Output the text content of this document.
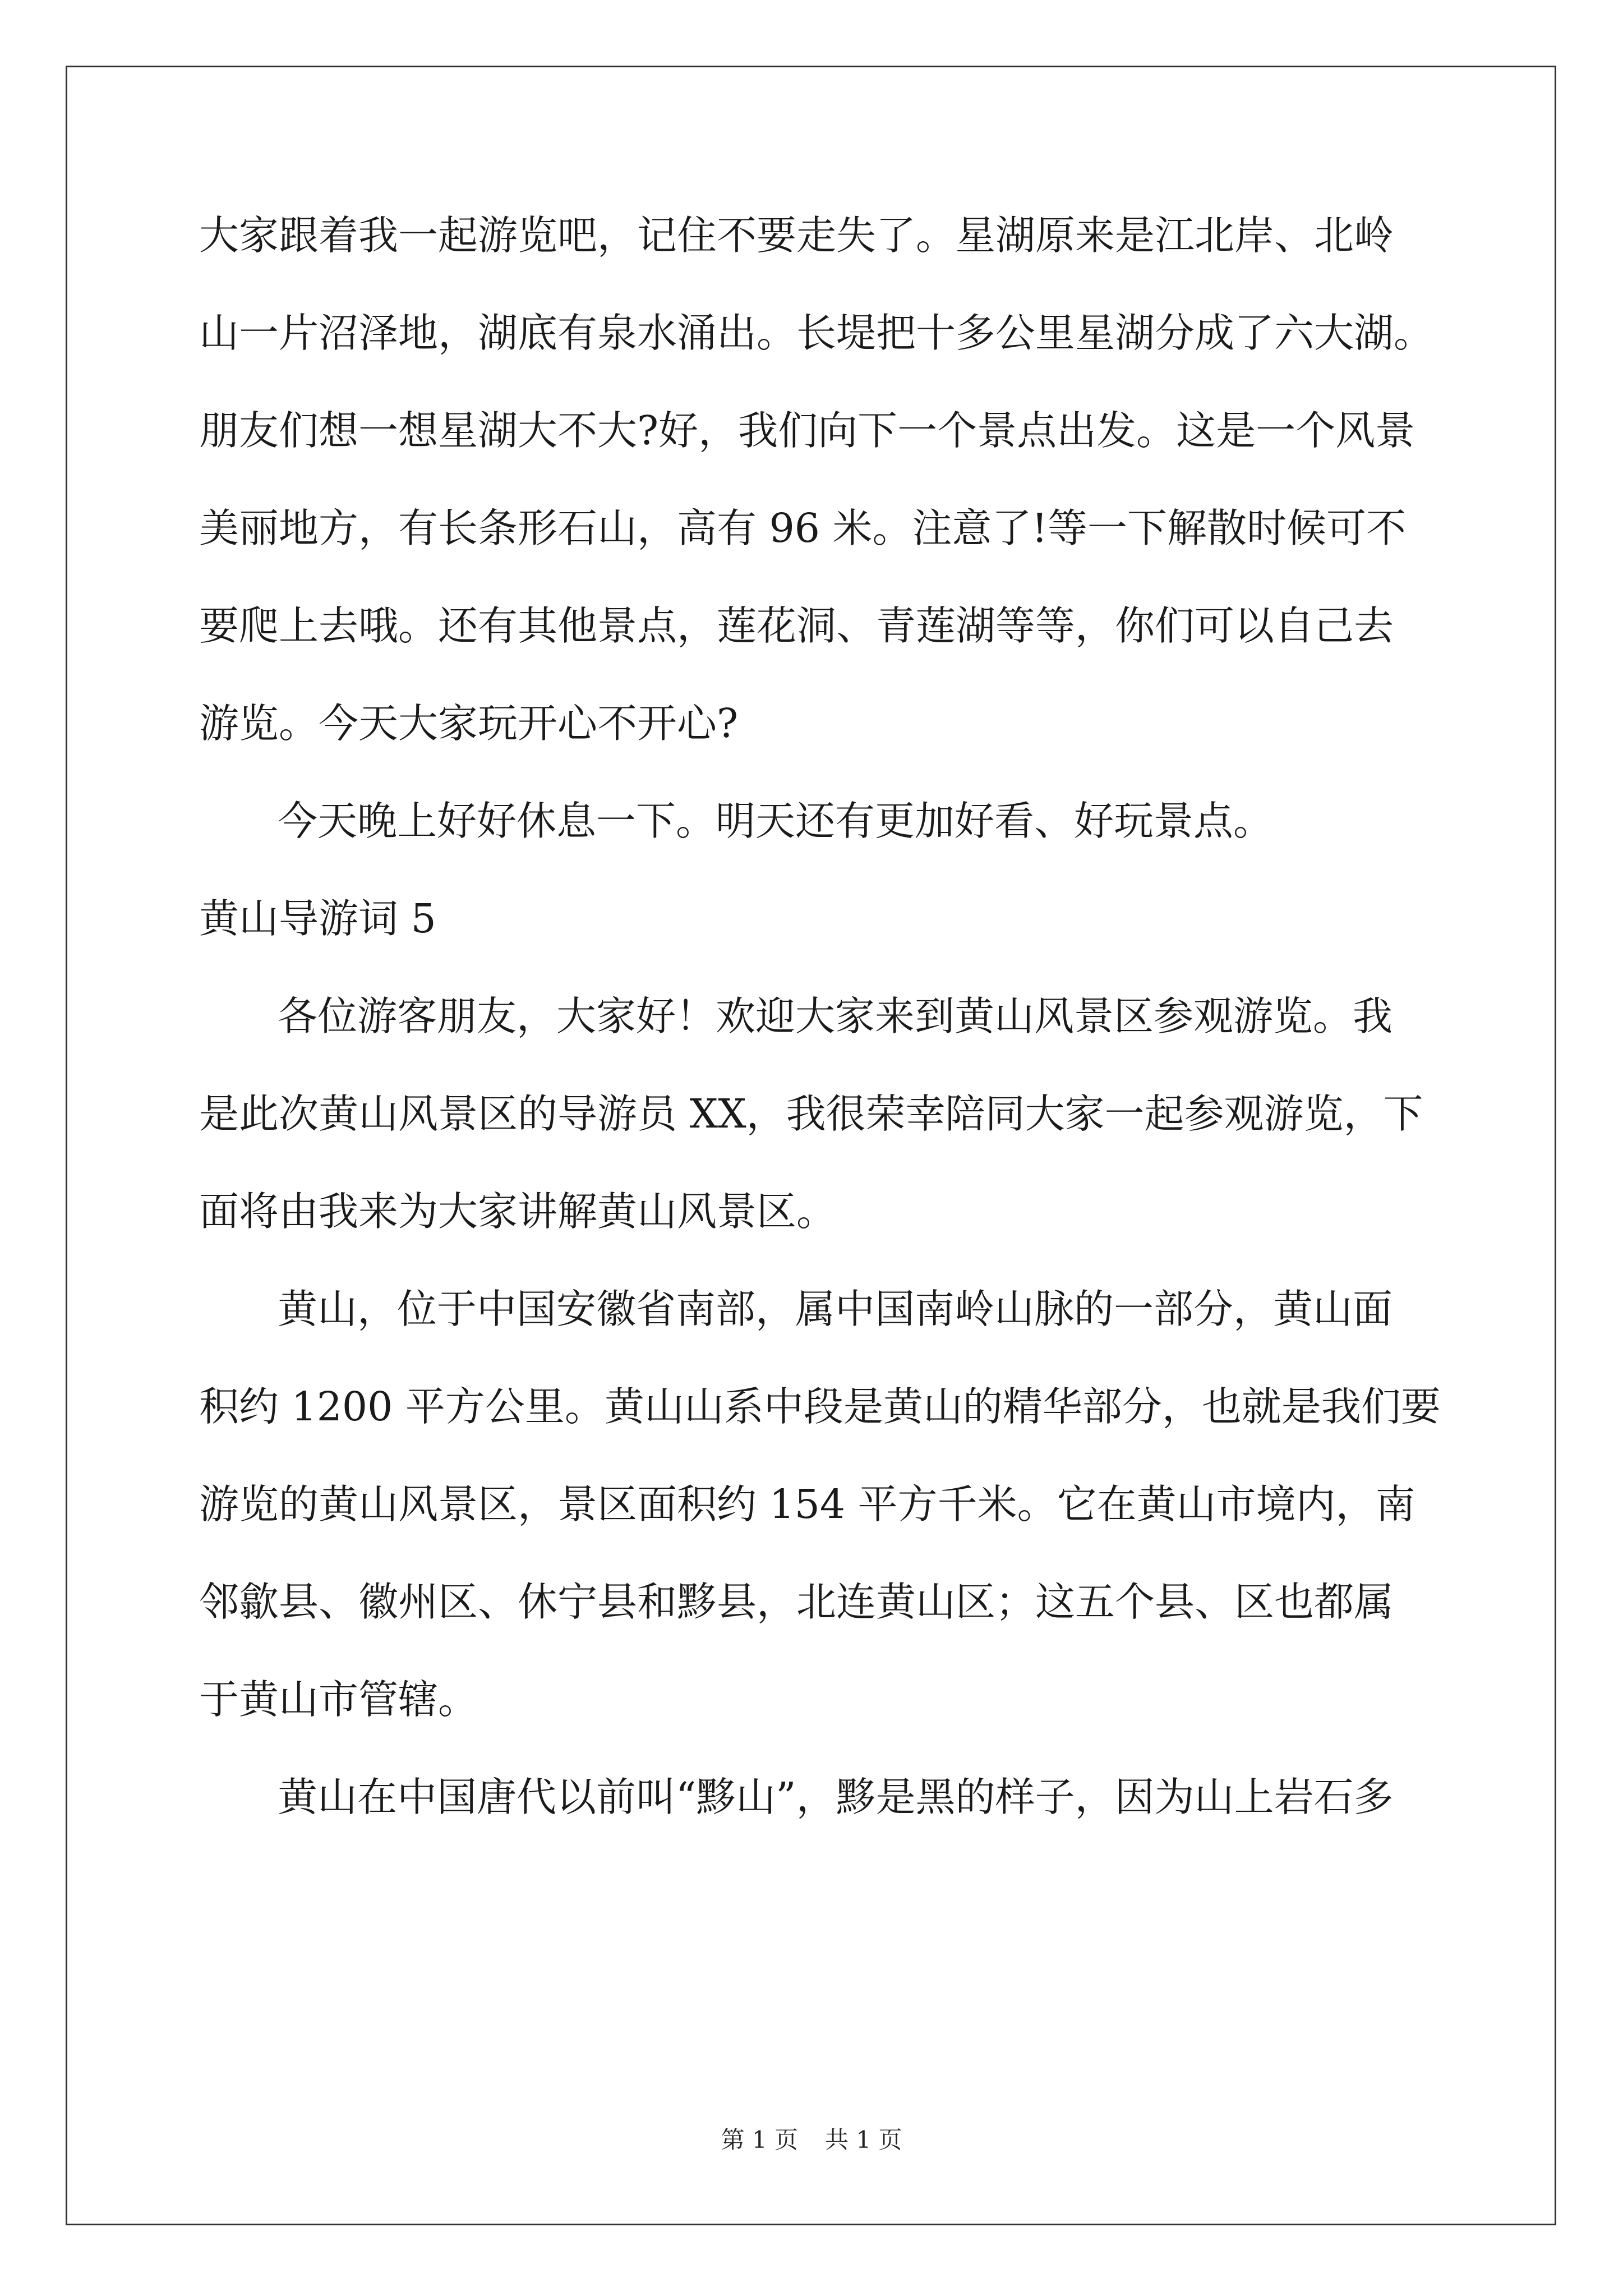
大家跟着我一起游览吧，记住不要走失了。星湖原来是江北岸、北岭
山一片沼泽地，湖底有泉水涌出。长堤把十多公里星湖分成了六大湖。
朋友们想一想星湖大不大?好，我们向下一个景点出发。这是一个风景
美丽地方，有长条形石山，高有 96 米。注意了!等一下解散时候可不
要爬上去哦。还有其他景点，莲花洞、青莲湖等等，你们可以自己去
游览。今天大家玩开心不开心?
今天晚上好好休息一下。明天还有更加好看、好玩景点。
黄山导游词 5
各位游客朋友，大家好！欢迎大家来到黄山风景区参观游览。我
是此次黄山风景区的导游员 XX，我很荣幸陪同大家一起参观游览，下
面将由我来为大家讲解黄山风景区。
黄山，位于中国安徽省南部，属中国南岭山脉的一部分，黄山面
积约 1200 平方公里。黄山山系中段是黄山的精华部分，也就是我们要
游览的黄山风景区，景区面积约 154 平方千米。它在黄山市境内，南
邻歙县、徽州区、休宁县和黟县，北连黄山区；这五个县、区也都属
于黄山市管辖。
黄山在中国唐代以前叫“黟山”，黟是黑的样子，因为山上岩石多
第 1 页 共 1 页
